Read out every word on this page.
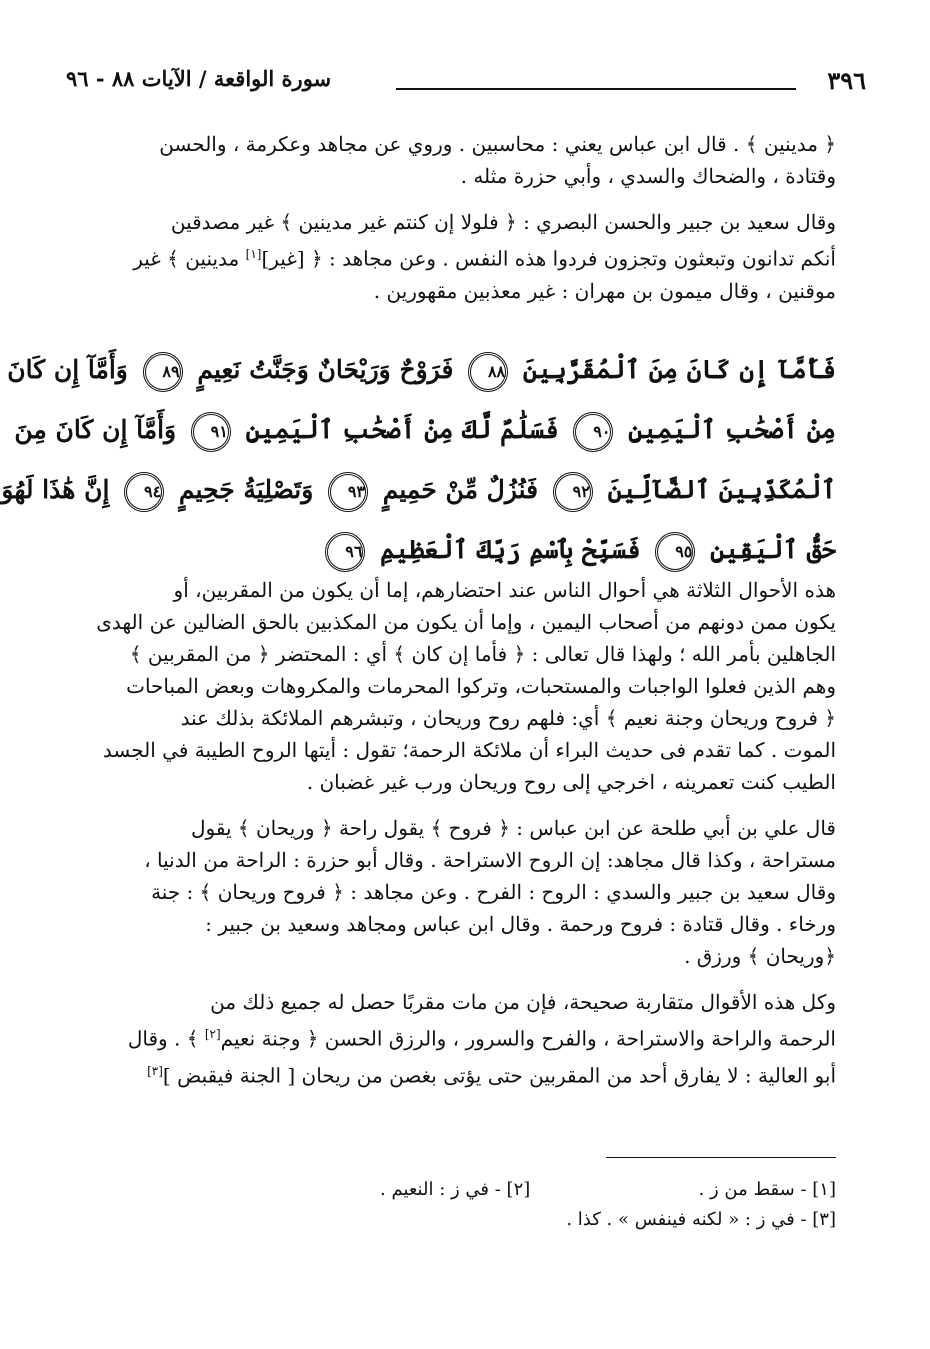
٣٩٦
سورة الواقعة / الآيات ٨٨ - ٩٦
﴿ مدينين ﴾ . قال ابن عباس يعني : محاسبين . وروي عن مجاهد وعكرمة ، والحسن
وقتادة ، والضحاك والسدي ، وأبي حزرة مثله .
وقال سعيد بن جبير والحسن البصري : ﴿ فلولا إن كنتم غير مدينين ﴾ غير مصدقين
أنكم تدانون وتبعثون وتجزون فردوا هذه النفس . وعن مجاهد : ﴿ [غير][١] مدينين ﴾ غير
موقنين ، وقال ميمون بن مهران : غير معذبين مقهورين .
فَأَمَّآ إِن كَانَ مِنَ ٱلْمُقَرَّبِينَ ٨٨ فَرَوْحٌ وَرَيْحَانٌ وَجَنَّتُ نَعِيمٍ ٨٩ وَأَمَّآ إِن كَانَ
مِنْ أَصْحَٰبِ ٱلْيَمِينِ ٩٠ فَسَلَٰمٌ لَّكَ مِنْ أَصْحَٰبِ ٱلْيَمِينِ ٩١ وَأَمَّآ إِن كَانَ مِنَ
ٱلْمُكَذِّبِينَ ٱلضَّآلِّينَ ٩٢ فَنُزُلٌ مِّنْ حَمِيمٍ ٩٣ وَتَصْلِيَةُ جَحِيمٍ ٩٤ إِنَّ هَٰذَا لَهُوَ
حَقُّ ٱلْيَقِينِ ٩٥ فَسَبِّحْ بِٱسْمِ رَبِّكَ ٱلْعَظِيمِ ٩٦
هذه الأحوال الثلاثة هي أحوال الناس عند احتضارهم، إما أن يكون من المقربين، أو
يكون ممن دونهم من أصحاب اليمين ، وإما أن يكون من المكذبين بالحق الضالين عن الهدى
الجاهلين بأمر الله ؛ ولهذا قال تعالى : ﴿ فأما إن كان ﴾ أي : المحتضر ﴿ من المقربين ﴾
وهم الذين فعلوا الواجبات والمستحبات، وتركوا المحرمات والمكروهات وبعض المباحات
﴿ فروح وريحان وجنة نعيم ﴾ أي: فلهم روح وريحان ، وتبشرهم الملائكة بذلك عند
الموت . كما تقدم فى حديث البراء أن ملائكة الرحمة؛ تقول : أيتها الروح الطيبة في الجسد
الطيب كنت تعمرينه ، اخرجي إلى روح وريحان ورب غير غضبان .
قال علي بن أبي طلحة عن ابن عباس : ﴿ فروح ﴾ يقول راحة ﴿ وريحان ﴾ يقول
مستراحة ، وكذا قال مجاهد: إن الروح الاستراحة . وقال أبو حزرة : الراحة من الدنيا ،
وقال سعيد بن جبير والسدي : الروح : الفرح . وعن مجاهد : ﴿ فروح وريحان ﴾ : جنة
ورخاء . وقال قتادة : فروح ورحمة . وقال ابن عباس ومجاهد وسعيد بن جبير :
﴿وريحان ﴾ ورزق .
وكل هذه الأقوال متقاربة صحيحة، فإن من مات مقربًا حصل له جميع ذلك من
الرحمة والراحة والاستراحة ، والفرح والسرور ، والرزق الحسن ﴿ وجنة نعيم[٢] ﴾ . وقال
أبو العالية : لا يفارق أحد من المقربين حتى يؤتى بغصن من ريحان [ الجنة فيقبض ][٣]
[١] - سقط من ز . [٢] - في ز : النعيم .
[٣] - في ز : « لكنه فينفس » . كذا .
